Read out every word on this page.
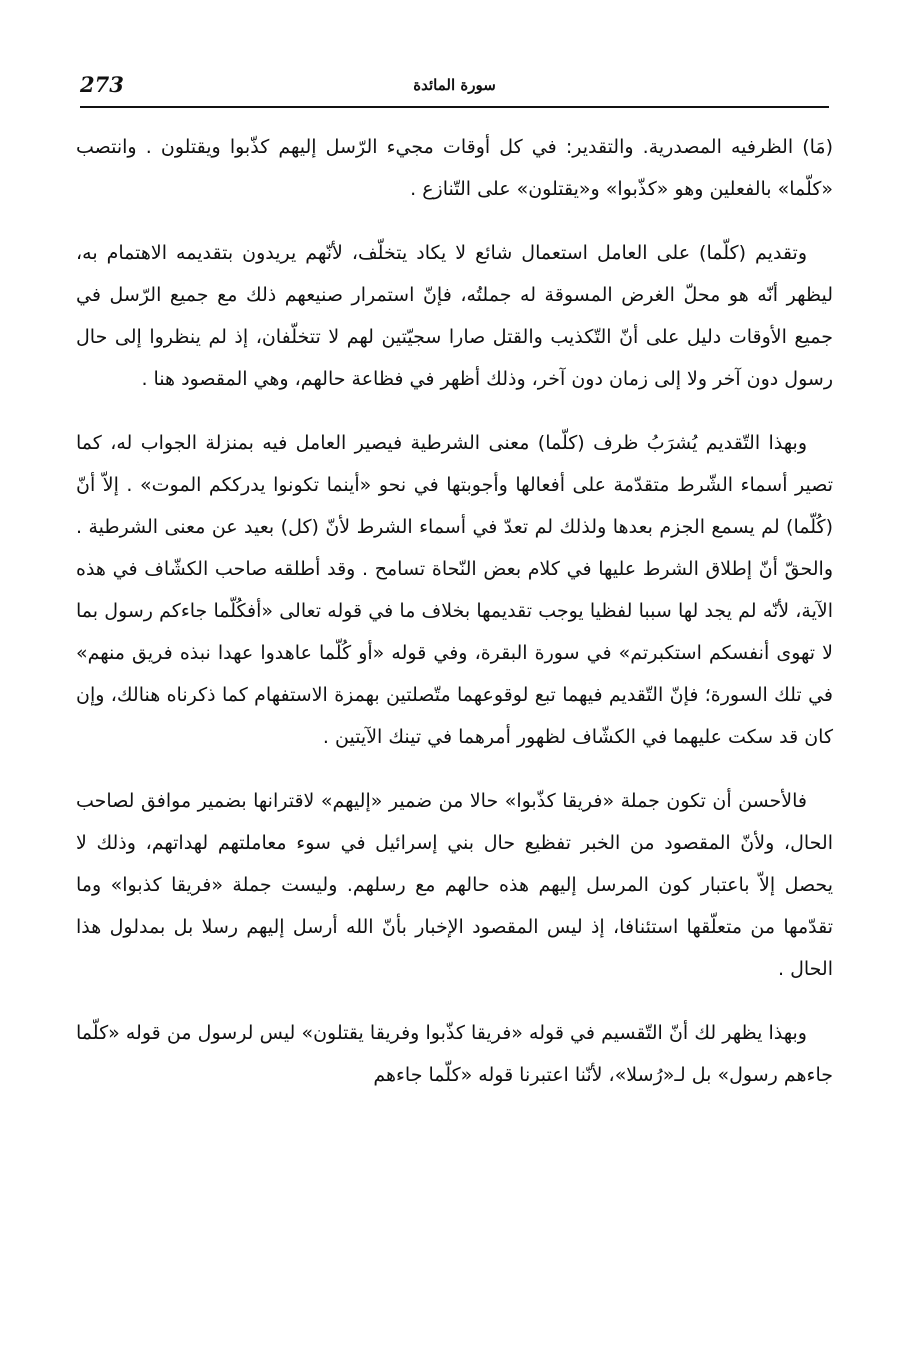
273	سورة المائدة

(مَا) الظرفيه المصدرية. والتقدير: في كل أوقات مجيء الرّسل إليهم كذّبوا ويقتلون . وانتصب «كلّما» بالفعلين وهو «كذّبوا» و«يقتلون» على التّنازع .

وتقديم (كلّما) على العامل استعمال شائع لا يكاد يتخلّف، لأنّهم يريدون بتقديمه الاهتمام به، ليظهر أنّه هو محلّ الغرض المسوقة له جملتُه، فإنّ استمرار صنيعهم ذلك مع جميع الرّسل في جميع الأوقات دليل على أنّ التّكذيب والقتل صارا سجيّتين لهم لا تتخلّفان، إذ لم ينظروا إلى حال رسول دون آخر ولا إلى زمان دون آخر، وذلك أظهر في فظاعة حالهم، وهي المقصود هنا .

وبهذا التّقديم يُشرَبُ ظرف (كلّما) معنى الشرطية فيصير العامل فيه بمنزلة الجواب له، كما تصير أسماء الشّرط متقدّمة على أفعالها وأجوبتها في نحو «أينما تكونوا يدرككم الموت» . إلاّ أنّ (كُلّما) لم يسمع الجزم بعدها ولذلك لم تعدّ في أسماء الشرط لأنّ (كل) بعيد عن معنى الشرطية . والحقّ أنّ إطلاق الشرط عليها في كلام بعض النّحاة تسامح . وقد أطلقه صاحب الكشّاف في هذه الآية، لأنّه لم يجد لها سببا لفظيا يوجب تقديمها بخلاف ما في قوله تعالى «أفكُلّما جاءكم رسول بما لا تهوى أنفسكم استكبرتم» في سورة البقرة، وفي قوله «أو كُلّما عاهدوا عهدا نبذه فريق منهم» في تلك السورة؛ فإنّ التّقديم فيهما تبع لوقوعهما متّصلتين بهمزة الاستفهام كما ذكرناه هنالك، وإن كان قد سكت عليهما في الكشّاف لظهور أمرهما في تينك الآيتين .

فالأحسن أن تكون جملة «فريقا كذّبوا» حالا من ضمير «إليهم» لاقترانها بضمير موافق لصاحب الحال، ولأنّ المقصود من الخبر تفظيع حال بني إسرائيل في سوء معاملتهم لهداتهم، وذلك لا يحصل إلاّ باعتبار كون المرسل إليهم هذه حالهم مع رسلهم. وليست جملة «فريقا كذبوا» وما تقدّمها من متعلّقها استئنافا، إذ ليس المقصود الإخبار بأنّ الله أرسل إليهم رسلا بل بمدلول هذا الحال .

وبهذا يظهر لك أنّ التّقسيم في قوله «فريقا كذّبوا وفريقا يقتلون» ليس لرسول من قوله «كلّما جاءهم رسول» بل لـ«رُسلا»، لأنّنا اعتبرنا قوله «كلّما جاءهم
